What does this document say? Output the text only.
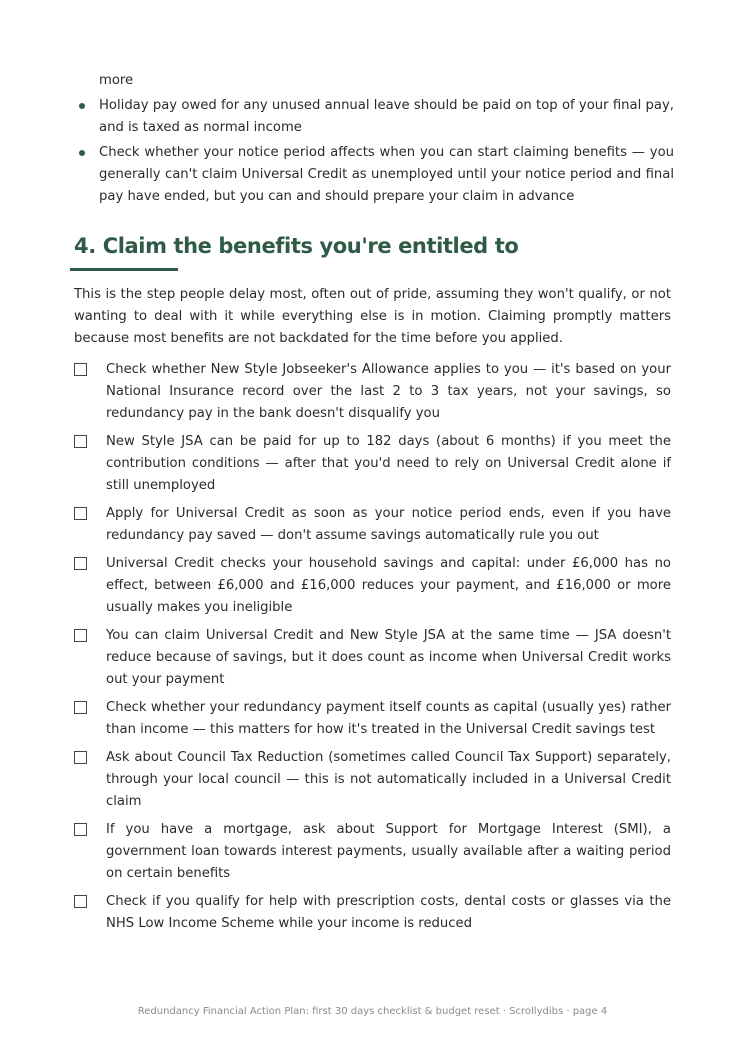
more
Holiday pay owed for any unused annual leave should be paid on top of your final pay, and is taxed as normal income
Check whether your notice period affects when you can start claiming benefits — you generally can't claim Universal Credit as unemployed until your notice period and final pay have ended, but you can and should prepare your claim in advance
4. Claim the benefits you're entitled to

This is the step people delay most, often out of pride, assuming they won't qualify, or not wanting to deal with it while everything else is in motion. Claiming promptly matters because most benefits are not backdated for the time before you applied.

Check whether New Style Jobseeker's Allowance applies to you — it's based on your National Insurance record over the last 2 to 3 tax years, not your savings, so redundancy pay in the bank doesn't disqualify you
New Style JSA can be paid for up to 182 days (about 6 months) if you meet the contribution conditions — after that you'd need to rely on Universal Credit alone if still unemployed
Apply for Universal Credit as soon as your notice period ends, even if you have redundancy pay saved — don't assume savings automatically rule you out
Universal Credit checks your household savings and capital: under £6,000 has no effect, between £6,000 and £16,000 reduces your payment, and £16,000 or more usually makes you ineligible
You can claim Universal Credit and New Style JSA at the same time — JSA doesn't reduce because of savings, but it does count as income when Universal Credit works out your payment
Check whether your redundancy payment itself counts as capital (usually yes) rather than income — this matters for how it's treated in the Universal Credit savings test
Ask about Council Tax Reduction (sometimes called Council Tax Support) separately, through your local council — this is not automatically included in a Universal Credit claim
If you have a mortgage, ask about Support for Mortgage Interest (SMI), a government loan towards interest payments, usually available after a waiting period on certain benefits
Check if you qualify for help with prescription costs, dental costs or glasses via the NHS Low Income Scheme while your income is reduced
Redundancy Financial Action Plan: first 30 days checklist & budget reset · Scrollydibs · page 4
